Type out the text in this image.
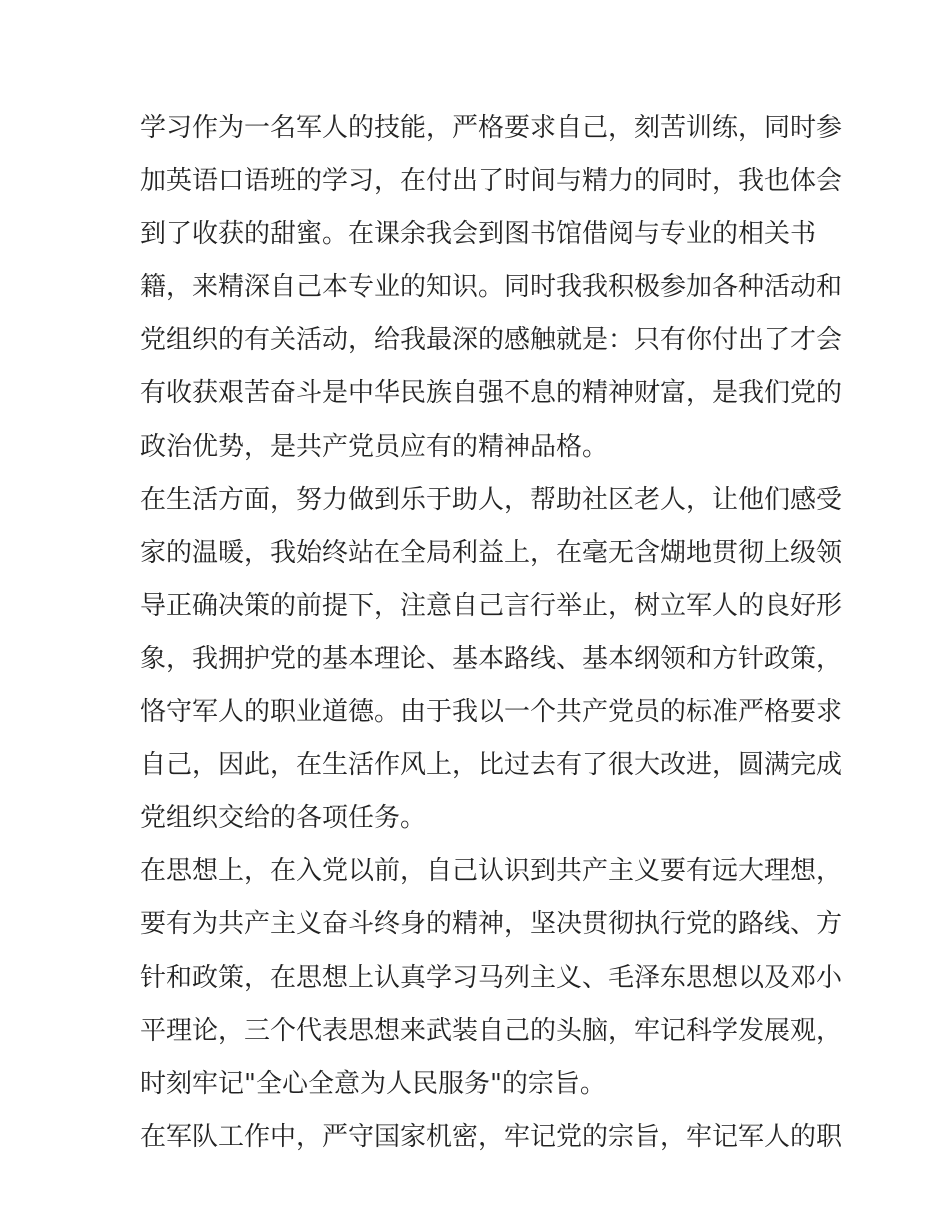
学习作为一名军人的技能，严格要求自己，刻苦训练，同时参
加英语口语班的学习，在付出了时间与精力的同时，我也体会
到了收获的甜蜜。在课余我会到图书馆借阅与专业的相关书
籍，来精深自己本专业的知识。同时我我积极参加各种活动和
党组织的有关活动，给我最深的感触就是：只有你付出了才会
有收获艰苦奋斗是中华民族自强不息的精神财富，是我们党的
政治优势，是共产党员应有的精神品格。
在生活方面，努力做到乐于助人，帮助社区老人，让他们感受
家的温暖，我始终站在全局利益上，在毫无含煳地贯彻上级领
导正确决策的前提下，注意自己言行举止，树立军人的良好形
象，我拥护党的基本理论、基本路线、基本纲领和方针政策，
恪守军人的职业道德。由于我以一个共产党员的标准严格要求
自己，因此，在生活作风上，比过去有了很大改进，圆满完成
党组织交给的各项任务。
在思想上，在入党以前，自己认识到共产主义要有远大理想，
要有为共产主义奋斗终身的精神，坚决贯彻执行党的路线、方
针和政策，在思想上认真学习马列主义、毛泽东思想以及邓小
平理论，三个代表思想来武装自己的头脑，牢记科学发展观，
时刻牢记"全心全意为人民服务"的宗旨。
在军队工作中，严守国家机密，牢记党的宗旨，牢记军人的职
